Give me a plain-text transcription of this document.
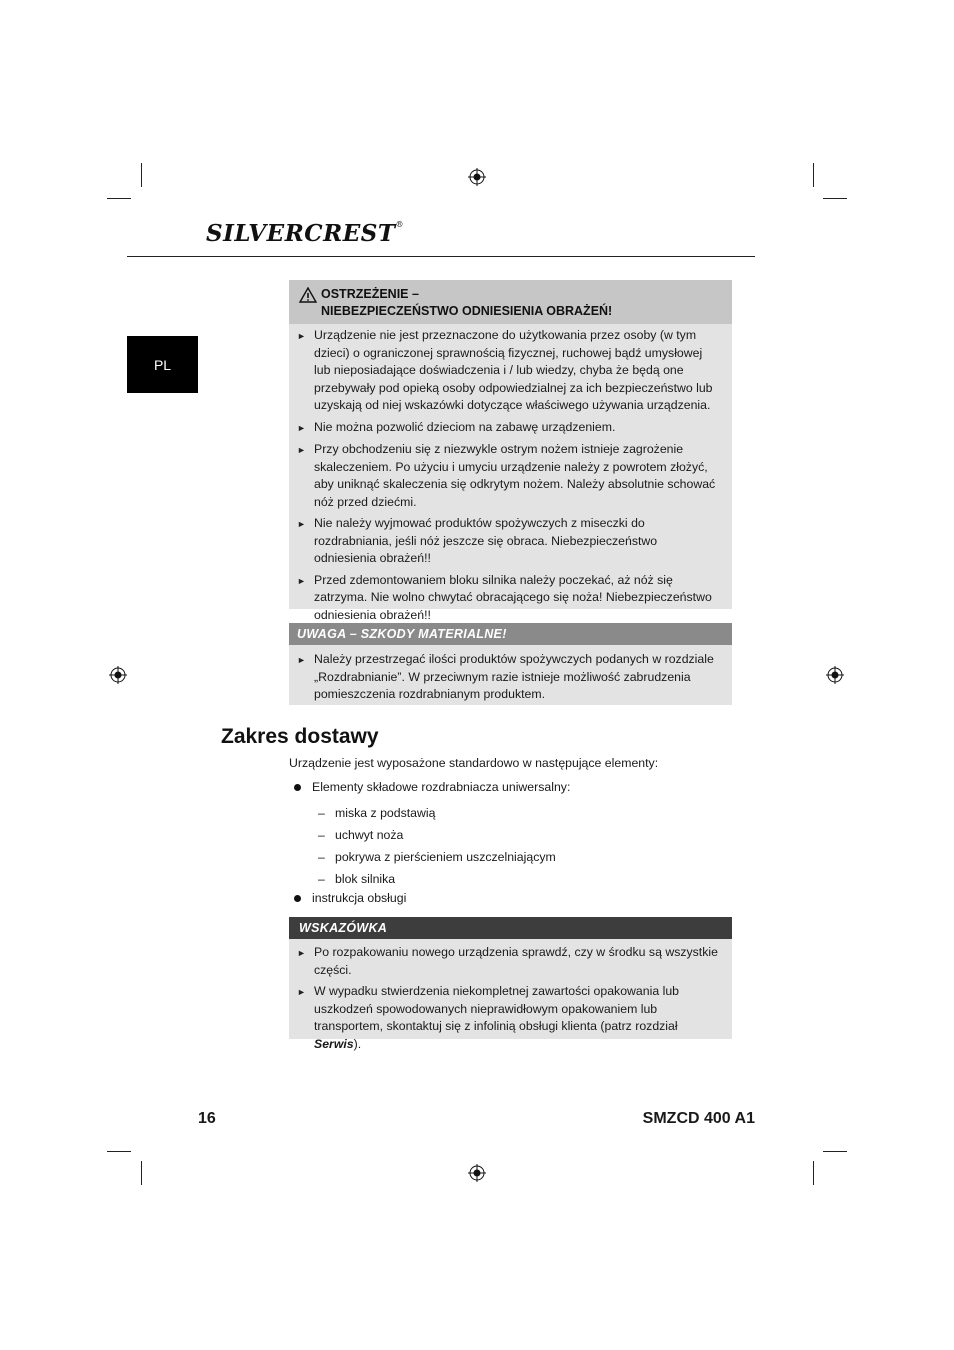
SILVERCREST®
PL
OSTRZEŻENIE –
NIEBEZPIECZEŃSTWO ODNIESIENIA OBRAŻEŃ!
► Urządzenie nie jest przeznaczone do użytkowania przez osoby (w tym dzieci) o ograniczonej sprawnością fizycznej, ruchowej bądź umysłowej lub nieposiadające doświadczenia i / lub wiedzy, chyba że będą one przebywały pod opieką osoby odpowiedzialnej za ich bezpieczeństwo lub uzyskają od niej wskazówki dotyczące właściwego używania urządzenia.
► Nie można pozwolić dzieciom na zabawę urządzeniem.
► Przy obchodzeniu się z niezwykle ostrym nożem istnieje zagrożenie skaleczeniem. Po użyciu i umyciu urządzenie należy z powrotem złożyć, aby uniknąć skaleczenia się odkrytym nożem. Należy absolutnie schować nóż przed dziećmi.
► Nie należy wyjmować produktów spożywczych z miseczki do rozdrabniania, jeśli nóż jeszcze się obraca. Niebezpieczeństwo odniesienia obrażeń!!
► Przed zdemontowaniem bloku silnika należy poczekać, aż nóż się zatrzyma. Nie wolno chwytać obracającego się noża! Niebezpieczeństwo odniesienia obrażeń!!
UWAGA – SZKODY MATERIALNE!
► Należy przestrzegać ilości produktów spożywczych podanych w rozdziale „Rozdrabnianie”. W przeciwnym razie istnieje możliwość zabrudzenia pomieszczenia rozdrabnianym produktem.
Zakres dostawy
Urządzenie jest wyposażone standardowo w następujące elementy:
Elementy składowe rozdrabniacza uniwersalny:
– miska z podstawią
– uchwyt noża
– pokrywa z pierścieniem uszczelniającym
– blok silnika
instrukcja obsługi
WSKAZÓWKA
► Po rozpakowaniu nowego urządzenia sprawdź, czy w środku są wszystkie części.
► W wypadku stwierdzenia niekompletnej zawartości opakowania lub uszkodzeń spowodowanych nieprawidłowym opakowaniem lub transportem, skontaktuj się z infolinią obsługi klienta (patrz rozdział Serwis).
16	SMZCD 400 A1
